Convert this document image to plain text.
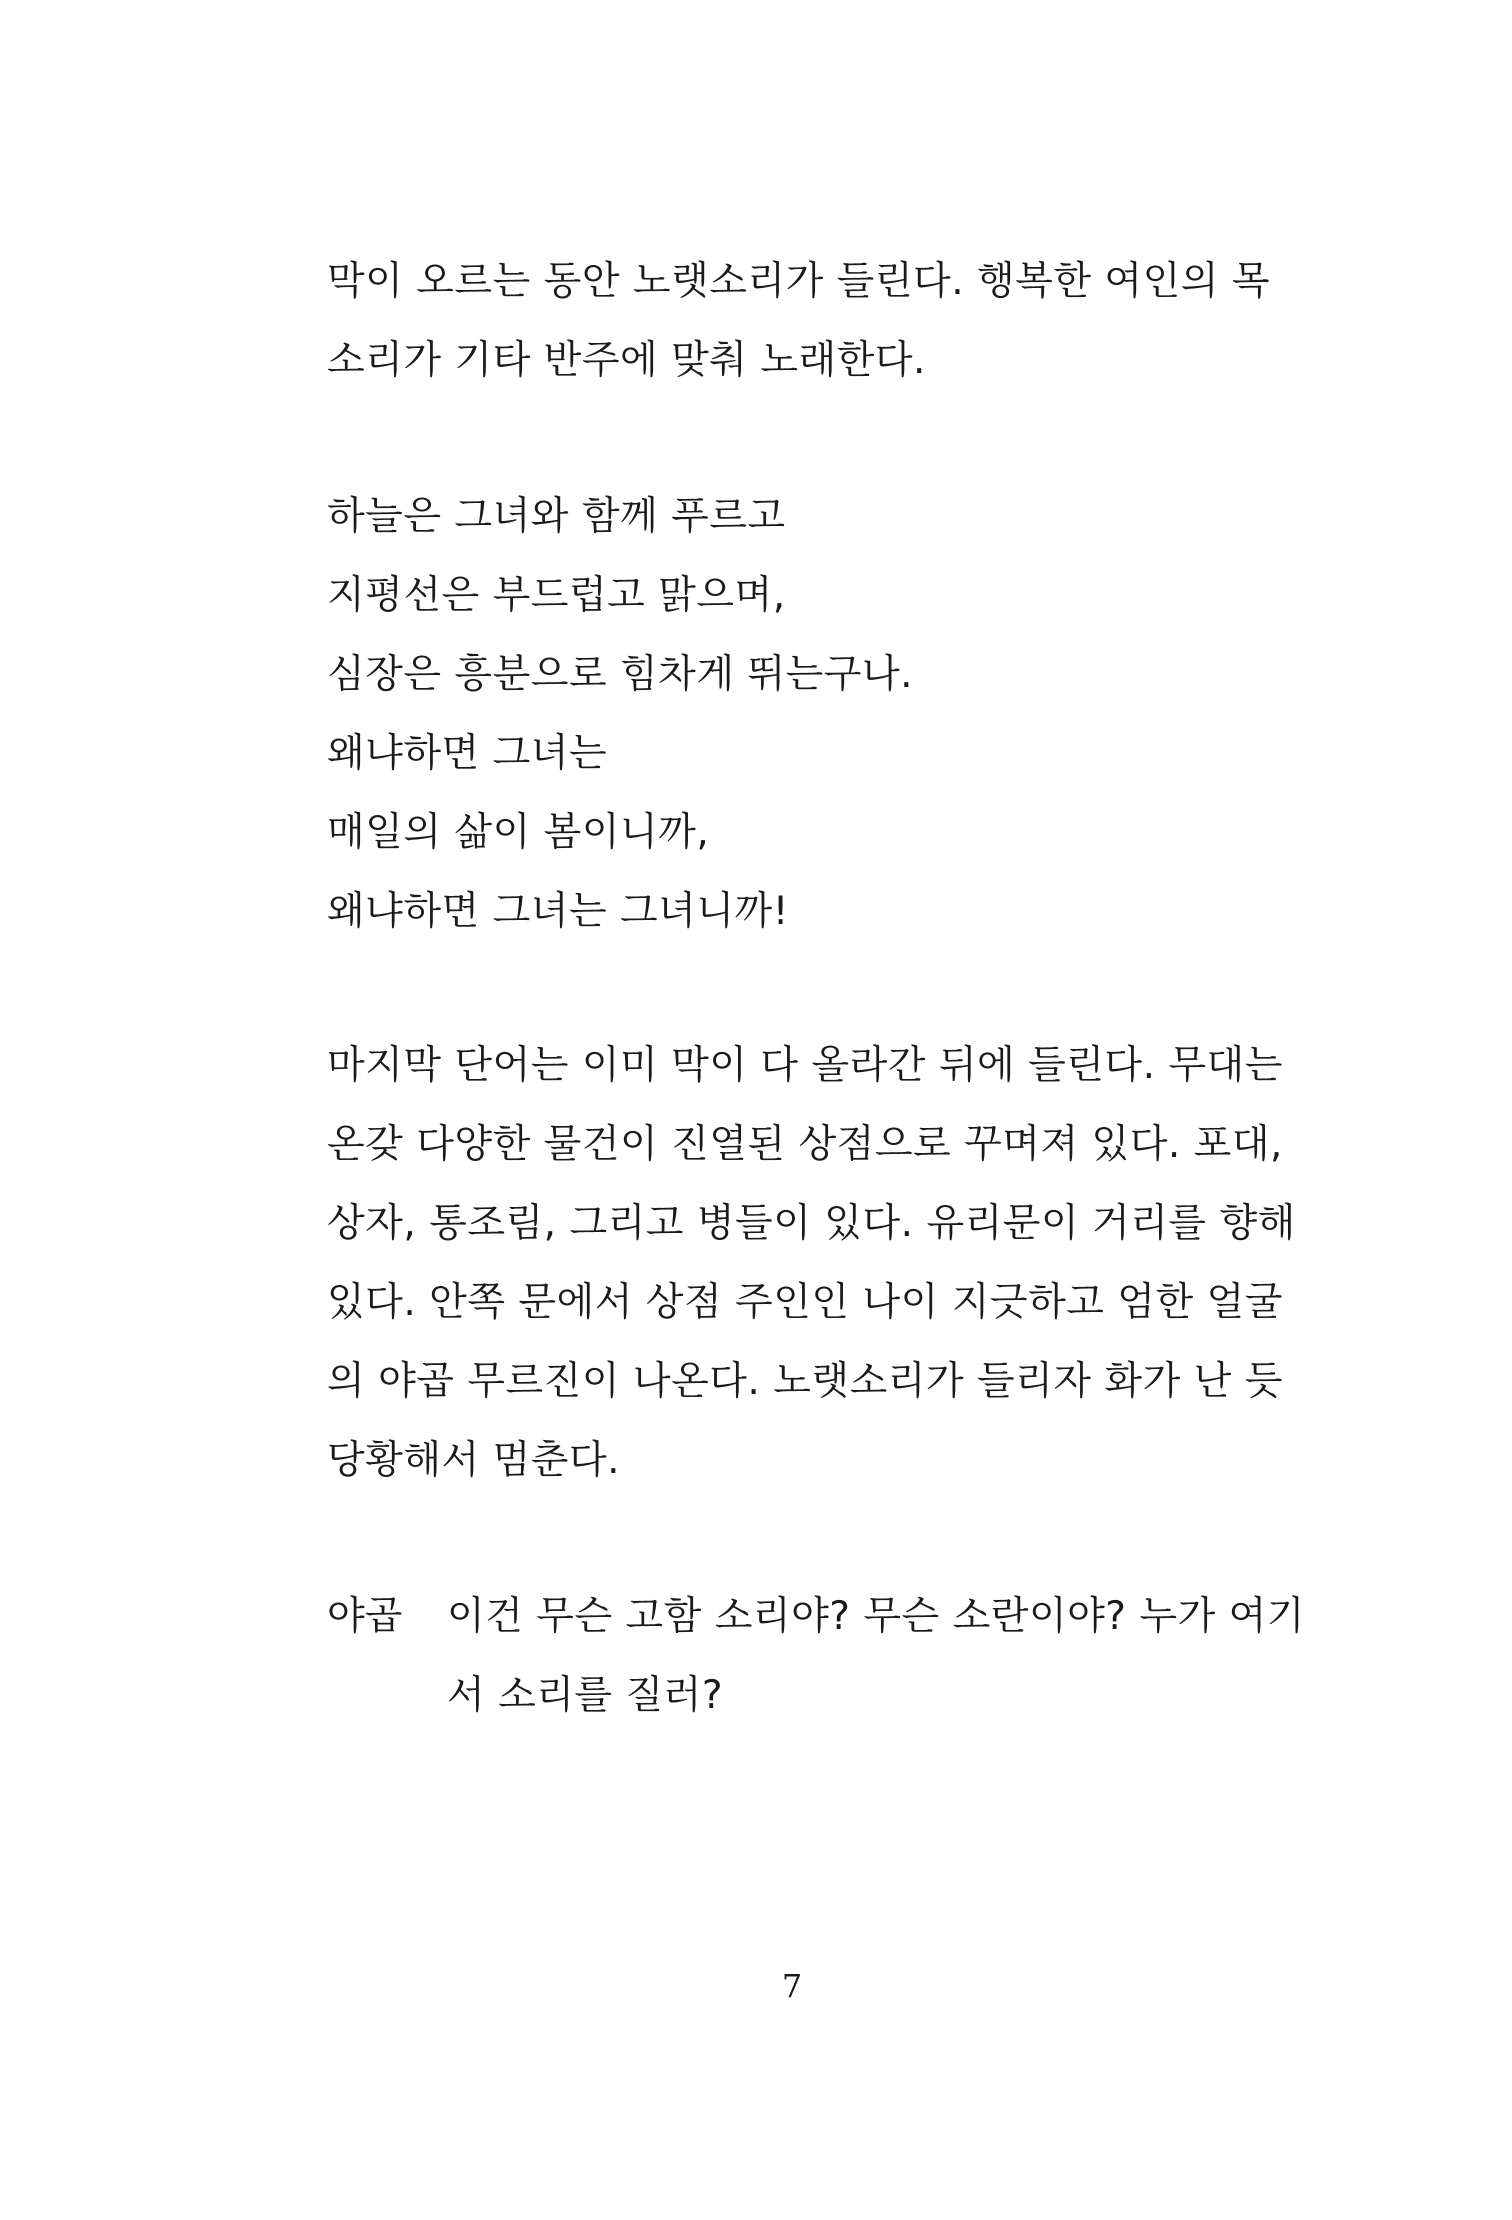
막이 오르는 동안 노랫소리가 들린다. 행복한 여인의 목
소리가 기타 반주에 맞춰 노래한다.
하늘은 그녀와 함께 푸르고
지평선은 부드럽고 맑으며,
심장은 흥분으로 힘차게 뛰는구나.
왜냐하면 그녀는
매일의 삶이 봄이니까,
왜냐하면 그녀는 그녀니까!
마지막 단어는 이미 막이 다 올라간 뒤에 들린다. 무대는
온갖 다양한 물건이 진열된 상점으로 꾸며져 있다. 포대,
상자, 통조림, 그리고 병들이 있다. 유리문이 거리를 향해
있다. 안쪽 문에서 상점 주인인 나이 지긋하고 엄한 얼굴
의 야곱 무르진이 나온다. 노랫소리가 들리자 화가 난 듯
당황해서 멈춘다.
야곱 이건 무슨 고함 소리야? 무슨 소란이야? 누가 여기
서 소리를 질러?
7
